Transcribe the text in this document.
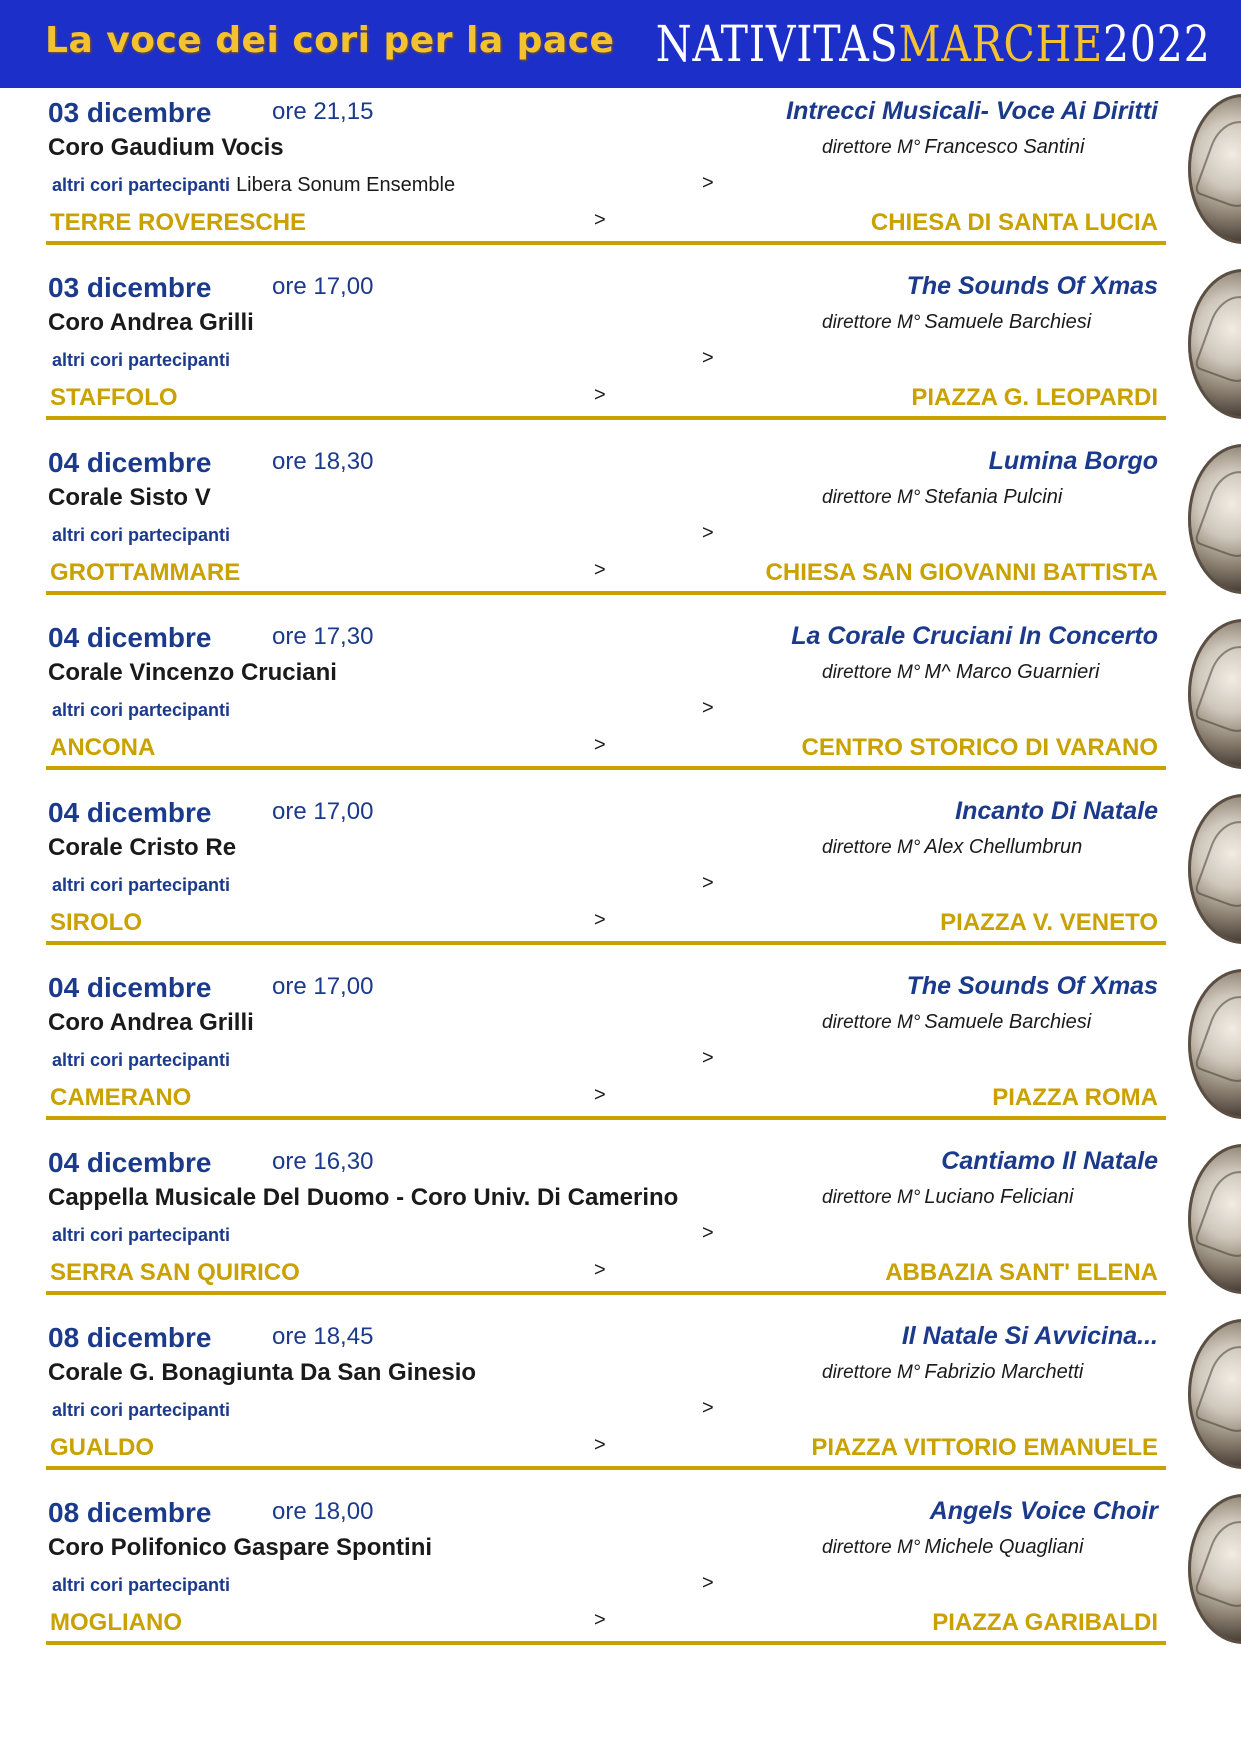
La voce dei cori per la pace NATIVITASMARCHE2022
03 dicembre	ore 21,15
Coro Gaudium Vocis
Intrecci Musicali- Voce Ai Diritti
direttore M° Francesco Santini
altri cori partecipanti Libera Sonum Ensemble	>
TERRE ROVERESCHE	>	CHIESA DI SANTA LUCIA
03 dicembre	ore 17,00
Coro Andrea Grilli
The Sounds Of Xmas
direttore M° Samuele Barchiesi
altri cori partecipanti	>
STAFFOLO	>	PIAZZA G. LEOPARDI
04 dicembre	ore 18,30
Corale Sisto V
Lumina Borgo
direttore M° Stefania Pulcini
altri cori partecipanti	>
GROTTAMMARE	>	CHIESA SAN GIOVANNI BATTISTA
04 dicembre	ore 17,30
Corale Vincenzo Cruciani
La Corale Cruciani In Concerto
direttore M° M^ Marco Guarnieri
altri cori partecipanti	>
ANCONA	>	CENTRO STORICO DI VARANO
04 dicembre	ore 17,00
Corale Cristo Re
Incanto Di Natale
direttore M° Alex Chellumbrun
altri cori partecipanti	>
SIROLO	>	PIAZZA V. VENETO
04 dicembre	ore 17,00
Coro Andrea Grilli
The Sounds Of Xmas
direttore M° Samuele Barchiesi
altri cori partecipanti	>
CAMERANO	>	PIAZZA ROMA
04 dicembre	ore 16,30
Cappella Musicale Del Duomo - Coro Univ. Di Camerino
Cantiamo Il Natale
direttore M° Luciano Feliciani
altri cori partecipanti	>
SERRA SAN QUIRICO	>	ABBAZIA SANT' ELENA
08 dicembre	ore 18,45
Corale G. Bonagiunta Da San Ginesio
Il Natale Si Avvicina...
direttore M° Fabrizio Marchetti
altri cori partecipanti	>
GUALDO	>	PIAZZA VITTORIO EMANUELE
08 dicembre	ore 18,00
Coro Polifonico Gaspare Spontini
Angels Voice Choir
direttore M° Michele Quagliani
altri cori partecipanti	>
MOGLIANO	>	PIAZZA GARIBALDI
